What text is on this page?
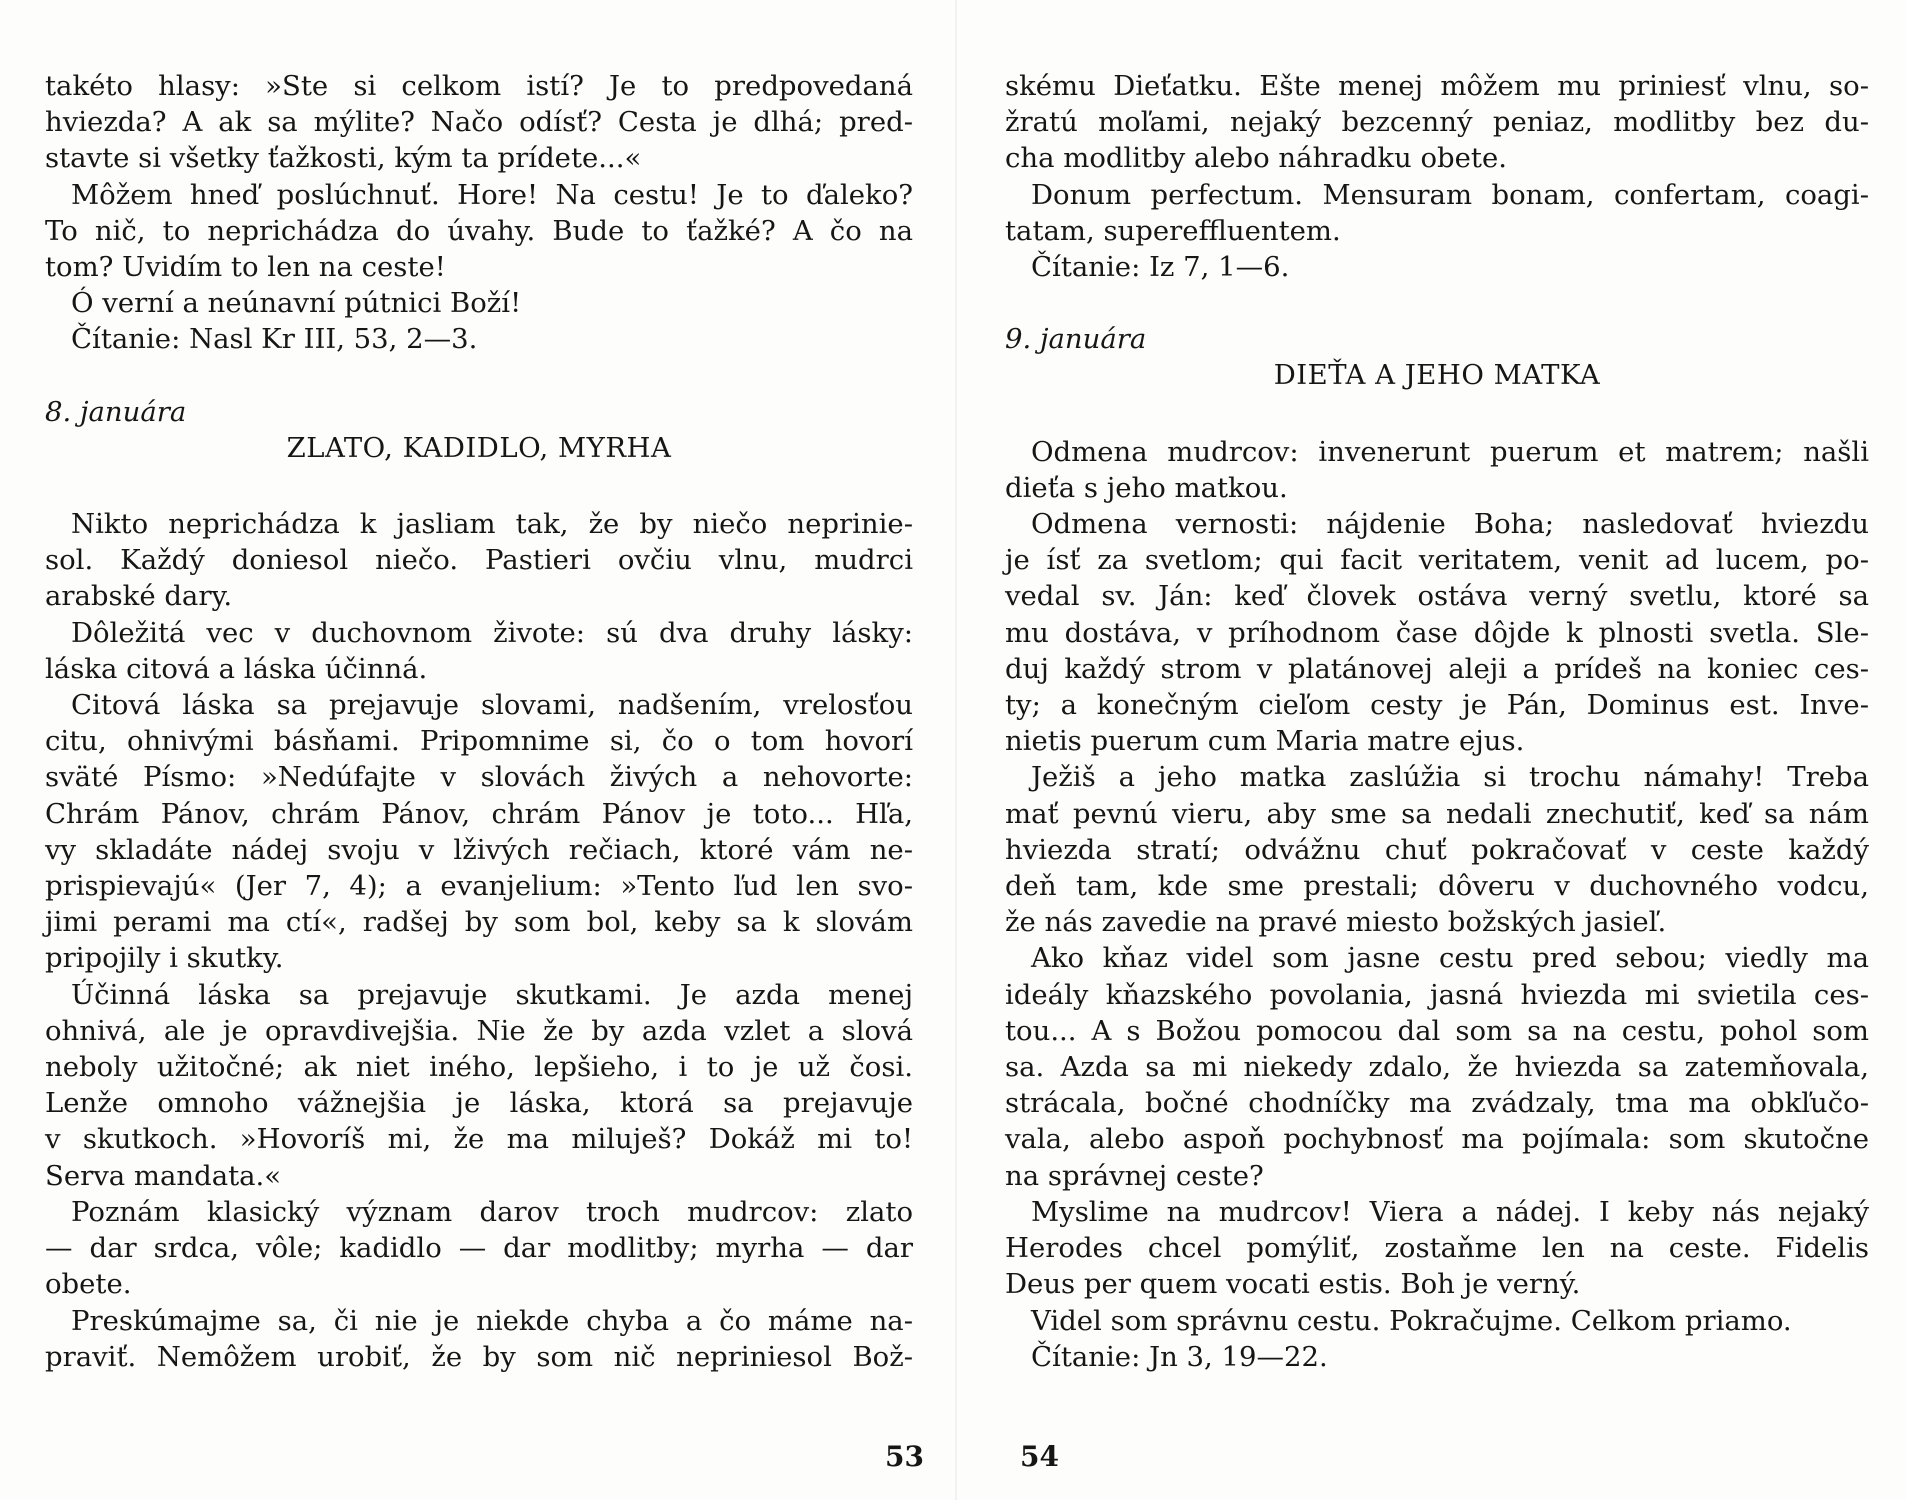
takéto hlasy: »Ste si celkom istí? Je to predpovedaná
hviezda? A ak sa mýlite? Načo odísť? Cesta je dlhá; pred-
stavte si všetky ťažkosti, kým ta prídete...«
Môžem hneď poslúchnuť. Hore! Na cestu! Je to ďaleko?
To nič, to neprichádza do úvahy. Bude to ťažké? A čo na
tom? Uvidím to len na ceste!
Ó verní a neúnavní pútnici Boží!
Čítanie: Nasl Kr III, 53, 2—3.
8. januára
ZLATO, KADIDLO, MYRHA
Nikto neprichádza k jasliam tak, že by niečo neprinie-
sol. Každý doniesol niečo. Pastieri ovčiu vlnu, mudrci
arabské dary.
Dôležitá vec v duchovnom živote: sú dva druhy lásky:
láska citová a láska účinná.
Citová láska sa prejavuje slovami, nadšením, vrelosťou
citu, ohnivými básňami. Pripomnime si, čo o tom hovorí
sväté Písmo: »Nedúfajte v slovách živých a nehovorte:
Chrám Pánov, chrám Pánov, chrám Pánov je toto... Hľa,
vy skladáte nádej svoju v lživých rečiach, ktoré vám ne-
prispievajú« (Jer 7, 4); a evanjelium: »Tento ľud len svo-
jimi perami ma ctí«, radšej by som bol, keby sa k slovám
pripojily i skutky.
Účinná láska sa prejavuje skutkami. Je azda menej
ohnivá, ale je opravdivejšia. Nie že by azda vzlet a slová
neboly užitočné; ak niet iného, lepšieho, i to je už čosi.
Lenže omnoho vážnejšia je láska, ktorá sa prejavuje
v skutkoch. »Hovoríš mi, že ma miluješ? Dokáž mi to!
Serva mandata.«
Poznám klasický význam darov troch mudrcov: zlato
— dar srdca, vôle; kadidlo — dar modlitby; myrha — dar
obete.
Preskúmajme sa, či nie je niekde chyba a čo máme na-
praviť. Nemôžem urobiť, že by som nič nepriniesol Bož-
53
skému Dieťatku. Ešte menej môžem mu priniesť vlnu, so-
žratú moľami, nejaký bezcenný peniaz, modlitby bez du-
cha modlitby alebo náhradku obete.
Donum perfectum. Mensuram bonam, confertam, coagi-
tatam, supereffluentem.
Čítanie: Iz 7, 1—6.
9. januára
DIEŤA A JEHO MATKA
Odmena mudrcov: invenerunt puerum et matrem; našli
dieťa s jeho matkou.
Odmena vernosti: nájdenie Boha; nasledovať hviezdu
je ísť za svetlom; qui facit veritatem, venit ad lucem, po-
vedal sv. Ján: keď človek ostáva verný svetlu, ktoré sa
mu dostáva, v príhodnom čase dôjde k plnosti svetla. Sle-
duj každý strom v platánovej aleji a prídeš na koniec ces-
ty; a konečným cieľom cesty je Pán, Dominus est. Inve-
nietis puerum cum Maria matre ejus.
Ježiš a jeho matka zaslúžia si trochu námahy! Treba
mať pevnú vieru, aby sme sa nedali znechutiť, keď sa nám
hviezda stratí; odvážnu chuť pokračovať v ceste každý
deň tam, kde sme prestali; dôveru v duchovného vodcu,
že nás zavedie na pravé miesto božských jasieľ.
Ako kňaz videl som jasne cestu pred sebou; viedly ma
ideály kňazského povolania, jasná hviezda mi svietila ces-
tou... A s Božou pomocou dal som sa na cestu, pohol som
sa. Azda sa mi niekedy zdalo, že hviezda sa zatemňovala,
strácala, bočné chodníčky ma zvádzaly, tma ma obkľučo-
vala, alebo aspoň pochybnosť ma pojímala: som skutočne
na správnej ceste?
Myslime na mudrcov! Viera a nádej. I keby nás nejaký
Herodes chcel pomýliť, zostaňme len na ceste. Fidelis
Deus per quem vocati estis. Boh je verný.
Videl som správnu cestu. Pokračujme. Celkom priamo.
Čítanie: Jn 3, 19—22.
54
